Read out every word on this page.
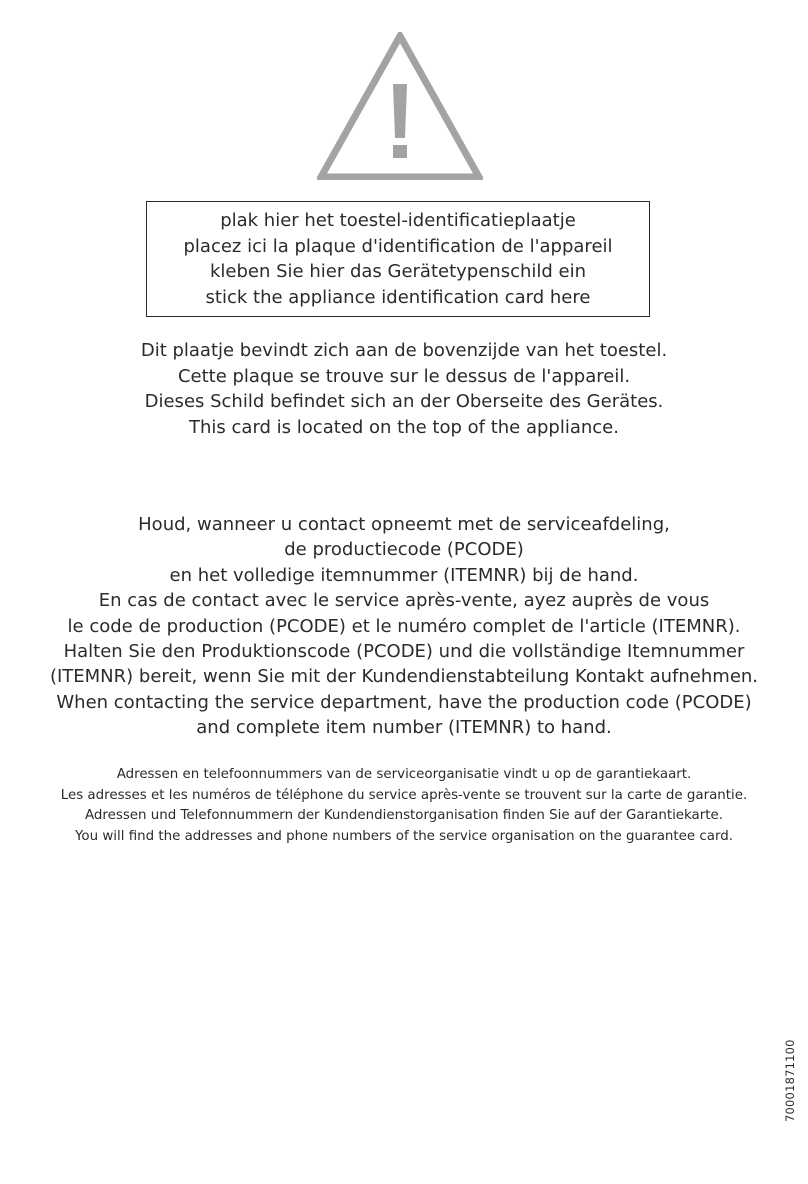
plak hier het toestel-identificatieplaatje
placez ici la plaque d'identification de l'appareil
kleben Sie hier das Gerätetypenschild ein
stick the appliance identification card here
Dit plaatje bevindt zich aan de bovenzijde van het toestel.
Cette plaque se trouve sur le dessus de l'appareil.
Dieses Schild befindet sich an der Oberseite des Gerätes.
This card is located on the top of the appliance.
Houd, wanneer u contact opneemt met de serviceafdeling,
de productiecode (PCODE)
en het volledige itemnummer (ITEMNR) bij de hand.
En cas de contact avec le service après-vente, ayez auprès de vous
le code de production (PCODE) et le numéro complet de l'article (ITEMNR).
Halten Sie den Produktionscode (PCODE) und die vollständige Itemnummer
(ITEMNR) bereit, wenn Sie mit der Kundendienstabteilung Kontakt aufnehmen.
When contacting the service department, have the production code (PCODE)
and complete item number (ITEMNR) to hand.
Adressen en telefoonnummers van de serviceorganisatie vindt u op de garantiekaart.
Les adresses et les numéros de téléphone du service après-vente se trouvent sur la carte de garantie.
Adressen und Telefonnummern der Kundendienstorganisation finden Sie auf der Garantiekarte.
You will find the addresses and phone numbers of the service organisation on the guarantee card.
70001871100
